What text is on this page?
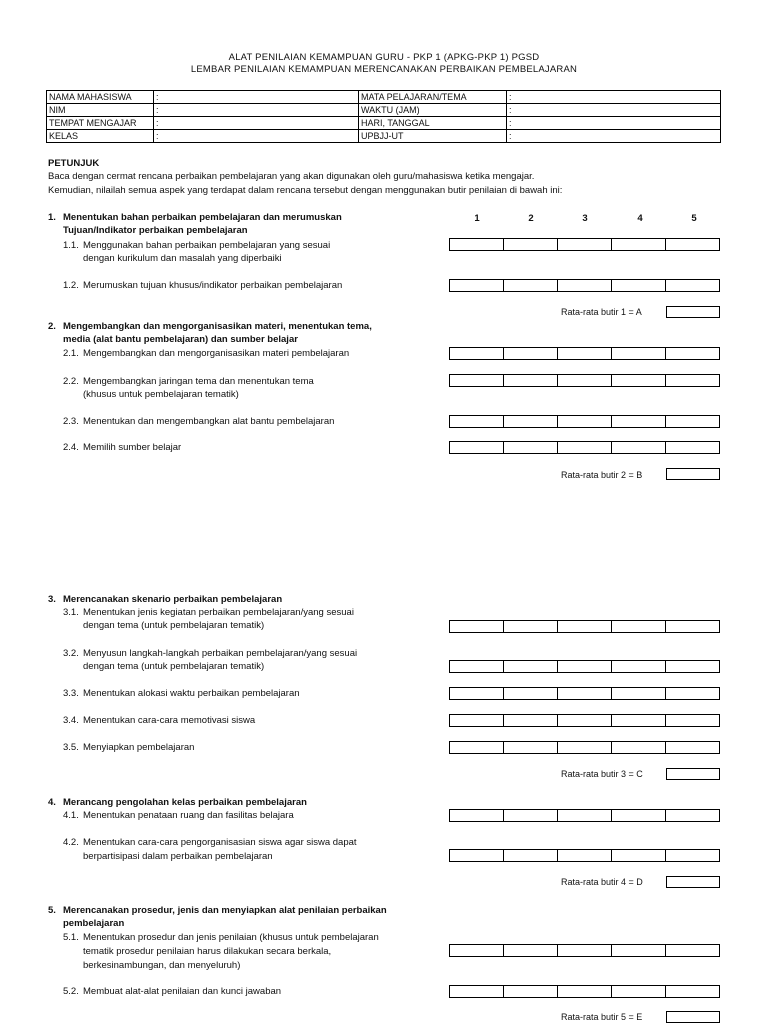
ALAT PENILAIAN KEMAMPUAN GURU - PKP 1 (APKG-PKP 1) PGSD
LEMBAR PENILAIAN KEMAMPUAN MERENCANAKAN PERBAIKAN PEMBELAJARAN
NAMA MAHASISWA	:	MATA PELAJARAN/TEMA	:
NIM	:	WAKTU (JAM)	:
TEMPAT MENGAJAR	:	HARI, TANGGAL	:
KELAS	:	UPBJJ-UT	:
PETUNJUK
Baca dengan cermat rencana perbaikan pembelajaran yang akan digunakan oleh guru/mahasiswa ketika mengajar.
Kemudian, nilailah semua aspek yang terdapat dalam rencana tersebut dengan menggunakan butir penilaian di bawah ini:
1	2	3	4	5
1. Menentukan bahan perbaikan pembelajaran dan merumuskan
Tujuan/Indikator perbaikan pembelajaran
1.1. Menggunakan bahan perbaikan pembelajaran yang sesuai
dengan kurikulum dan masalah yang diperbaiki
1.2. Merumuskan tujuan khusus/indikator perbaikan pembelajaran
Rata-rata butir 1 = A
2. Mengembangkan dan mengorganisasikan materi, menentukan tema,
media (alat bantu pembelajaran) dan sumber belajar
2.1. Mengembangkan dan mengorganisasikan materi pembelajaran
2.2. Mengembangkan jaringan tema dan menentukan tema
(khusus untuk pembelajaran tematik)
2.3. Menentukan dan mengembangkan alat bantu pembelajaran
2.4. Memilih sumber belajar
Rata-rata butir 2 = B
3. Merencanakan skenario perbaikan pembelajaran
3.1. Menentukan jenis kegiatan perbaikan pembelajaran/yang sesuai
dengan tema (untuk pembelajaran tematik)
3.2. Menyusun langkah-langkah perbaikan pembelajaran/yang sesuai
dengan tema (untuk pembelajaran tematik)
3.3. Menentukan alokasi waktu perbaikan pembelajaran
3.4. Menentukan cara-cara memotivasi siswa
3.5. Menyiapkan pembelajaran
Rata-rata butir 3 = C
4. Merancang pengolahan kelas perbaikan pembelajaran
4.1. Menentukan penataan ruang dan fasilitas belajara
4.2. Menentukan cara-cara pengorganisasian siswa agar siswa dapat
berpartisipasi dalam perbaikan pembelajaran
Rata-rata butir 4 = D
5. Merencanakan prosedur, jenis dan menyiapkan alat penilaian perbaikan
pembelajaran
5.1. Menentukan prosedur dan jenis penilaian (khusus untuk pembelajaran
tematik prosedur penilaian harus dilakukan secara berkala,
berkesinambungan, dan menyeluruh)
5.2. Membuat alat-alat penilaian dan kunci jawaban
Rata-rata butir 5 = E
